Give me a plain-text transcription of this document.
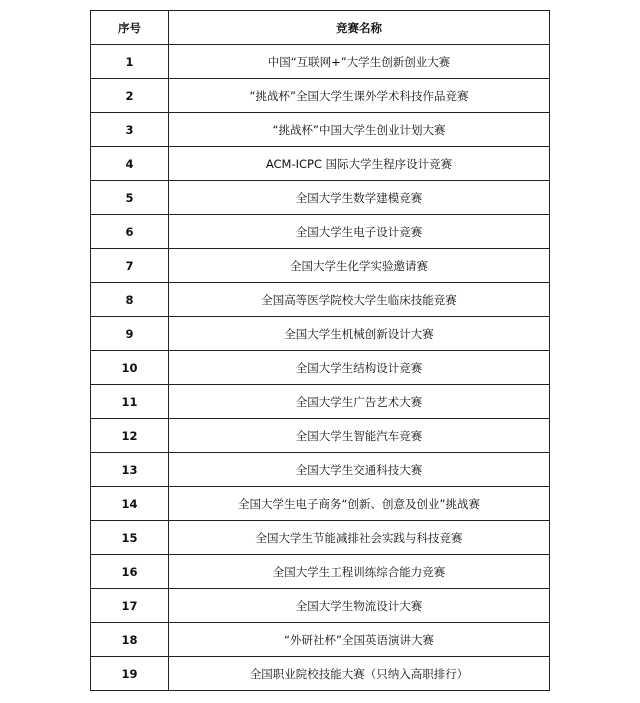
序号	竞赛名称
1	中国“互联网+”大学生创新创业大赛
2	“挑战杯”全国大学生课外学术科技作品竞赛
3	“挑战杯”中国大学生创业计划大赛
4	ACM-ICPC 国际大学生程序设计竞赛
5	全国大学生数学建模竞赛
6	全国大学生电子设计竞赛
7	全国大学生化学实验邀请赛
8	全国高等医学院校大学生临床技能竞赛
9	全国大学生机械创新设计大赛
10	全国大学生结构设计竞赛
11	全国大学生广告艺术大赛
12	全国大学生智能汽车竞赛
13	全国大学生交通科技大赛
14	全国大学生电子商务“创新、创意及创业”挑战赛
15	全国大学生节能减排社会实践与科技竞赛
16	全国大学生工程训练综合能力竞赛
17	全国大学生物流设计大赛
18	“外研社杯”全国英语演讲大赛
19	全国职业院校技能大赛（只纳入高职排行）
